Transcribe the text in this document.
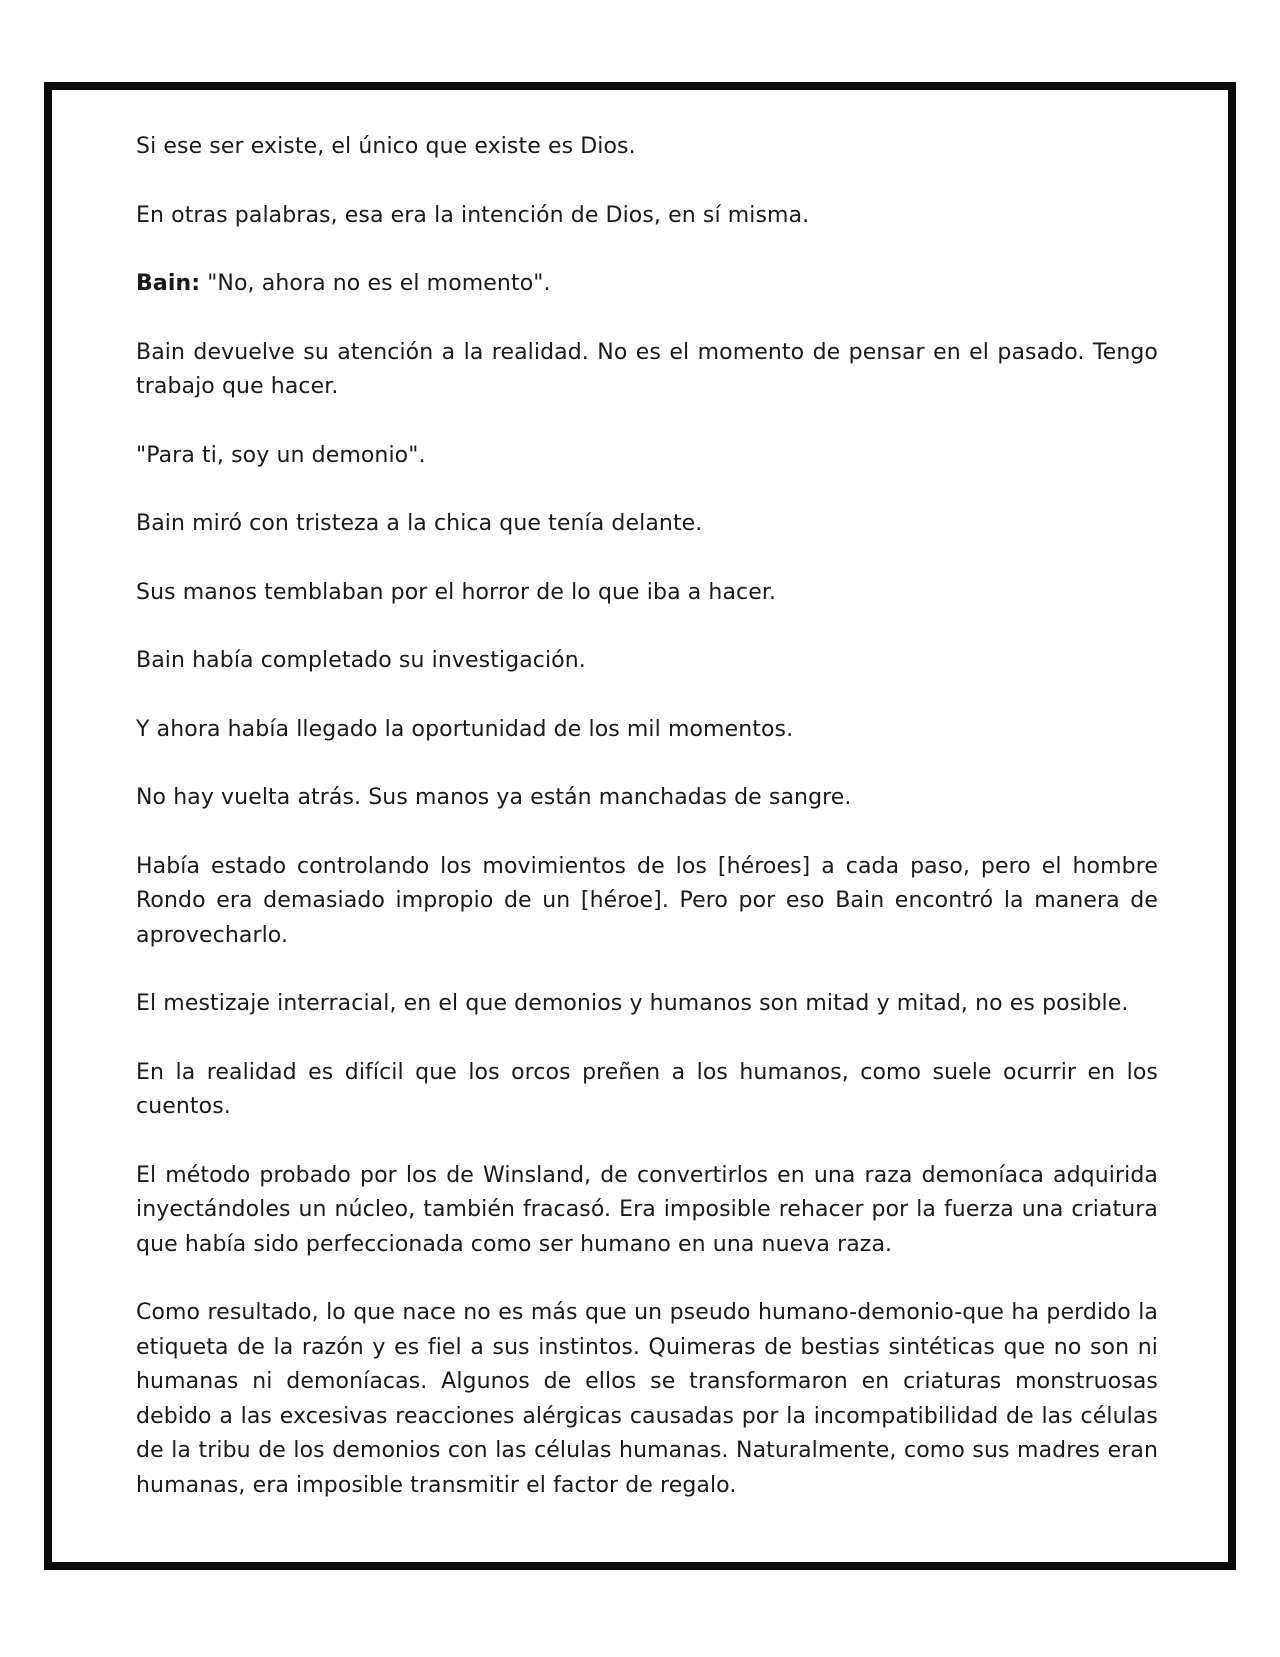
Si ese ser existe, el único que existe es Dios.

En otras palabras, esa era la intención de Dios, en sí misma.

Bain: "No, ahora no es el momento".

Bain devuelve su atención a la realidad. No es el momento de pensar en el pasado. Tengo trabajo que hacer.

"Para ti, soy un demonio".

Bain miró con tristeza a la chica que tenía delante.

Sus manos temblaban por el horror de lo que iba a hacer.

Bain había completado su investigación.

Y ahora había llegado la oportunidad de los mil momentos.

No hay vuelta atrás. Sus manos ya están manchadas de sangre.

Había estado controlando los movimientos de los [héroes] a cada paso, pero el hombre Rondo era demasiado impropio de un [héroe]. Pero por eso Bain encontró la manera de aprovecharlo.

El mestizaje interracial, en el que demonios y humanos son mitad y mitad, no es posible.

En la realidad es difícil que los orcos preñen a los humanos, como suele ocurrir en los cuentos.

El método probado por los de Winsland, de convertirlos en una raza demoníaca adquirida inyectándoles un núcleo, también fracasó. Era imposible rehacer por la fuerza una criatura que había sido perfeccionada como ser humano en una nueva raza.

Como resultado, lo que nace no es más que un pseudo humano-demonio-que ha perdido la etiqueta de la razón y es fiel a sus instintos. Quimeras de bestias sintéticas que no son ni humanas ni demoníacas. Algunos de ellos se transformaron en criaturas monstruosas debido a las excesivas reacciones alérgicas causadas por la incompatibilidad de las células de la tribu de los demonios con las células humanas. Naturalmente, como sus madres eran humanas, era imposible transmitir el factor de regalo.
